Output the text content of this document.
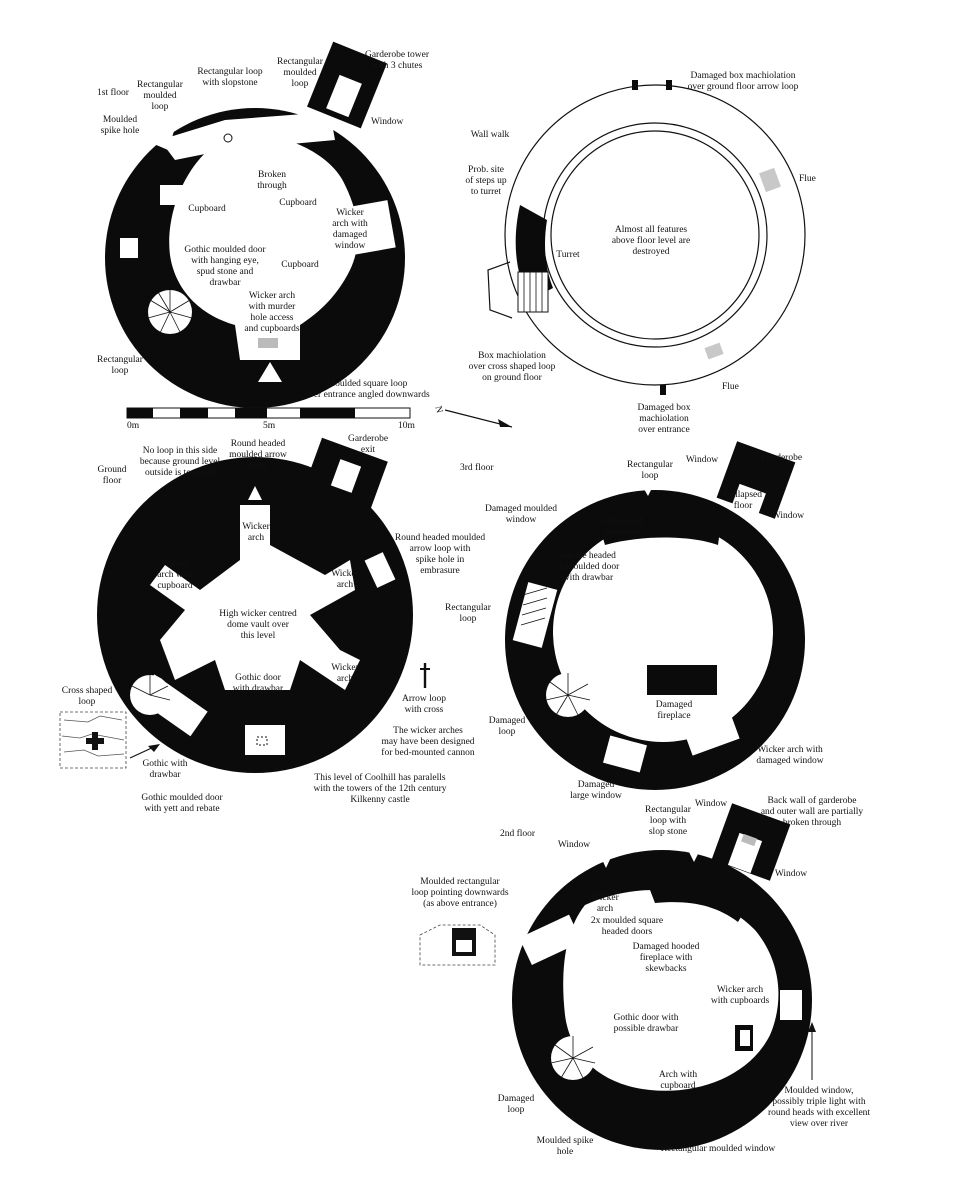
1st floor
Rectangular moulded loop
Rectangular loop with slopstone
Rectangular moulded loop
Garderobe tower with 3 chutes
Window
Moulded spike hole
Broken through
Cupboard
Cupboard
Cupboard
Wicker arch with damaged window
Gothic moulded door with hanging eye, spud stone and drawbar
Wicker arch with murder hole access and cupboards
Rectangular loop
Moulded square loop over entrance angled downwards
Damaged box machiolation over ground floor arrow loop
Wall walk
Prob. site of steps up to turret
Flue
Almost all features above floor level are destroyed
Turret
Box machiolation over cross shaped loop on ground floor
Flue
Damaged box machiolation over entrance
0m	5m	10m
N
Ground floor
No loop in this side because ground level outside is too high
Round headed moulded arrow loop
Garderobe exit
Wicker arch	Round headed moulded arrow loop with spike hole in embrasure
Wicker arch with cupboard
Wicker arch
High wicker centred dome vault over this level
Gothic door with drawbar
Wicker arch
Cross shaped loop	Arrow loop with cross
The wicker arches may have been designed for bed-mounted cannon
Gothic with drawbar	This level of Coolhill has paralells with the towers of the 12th century Kilkenny castle
Gothic moulded door with yett and rebate
3rd floor	Rectangular loop
Window	Garderobe
Collapsed floor
Window
Damaged moulded window	Destroyed doorway
Square headed unmoulded door with drawbar
Rectangular loop
Damaged loop
Damaged fireplace
Wicker arch with damaged window
Damaged large window
2nd floor
Window
Rectangular loop with slop stone
Back wall of garderobe and outer wall are partially broken through
Window
Window
Moulded rectangular loop pointing downwards (as above entrance)
Wicker arch
2x moulded square headed doors
Damaged hooded fireplace with skewbacks
Wicker arch with cupboards
Gothic door with possible drawbar
Arch with cupboard
Damaged loop
Moulded window, possibly triple light with round heads with excellent view over river
Moulded spike hole	Rectangular moulded window
